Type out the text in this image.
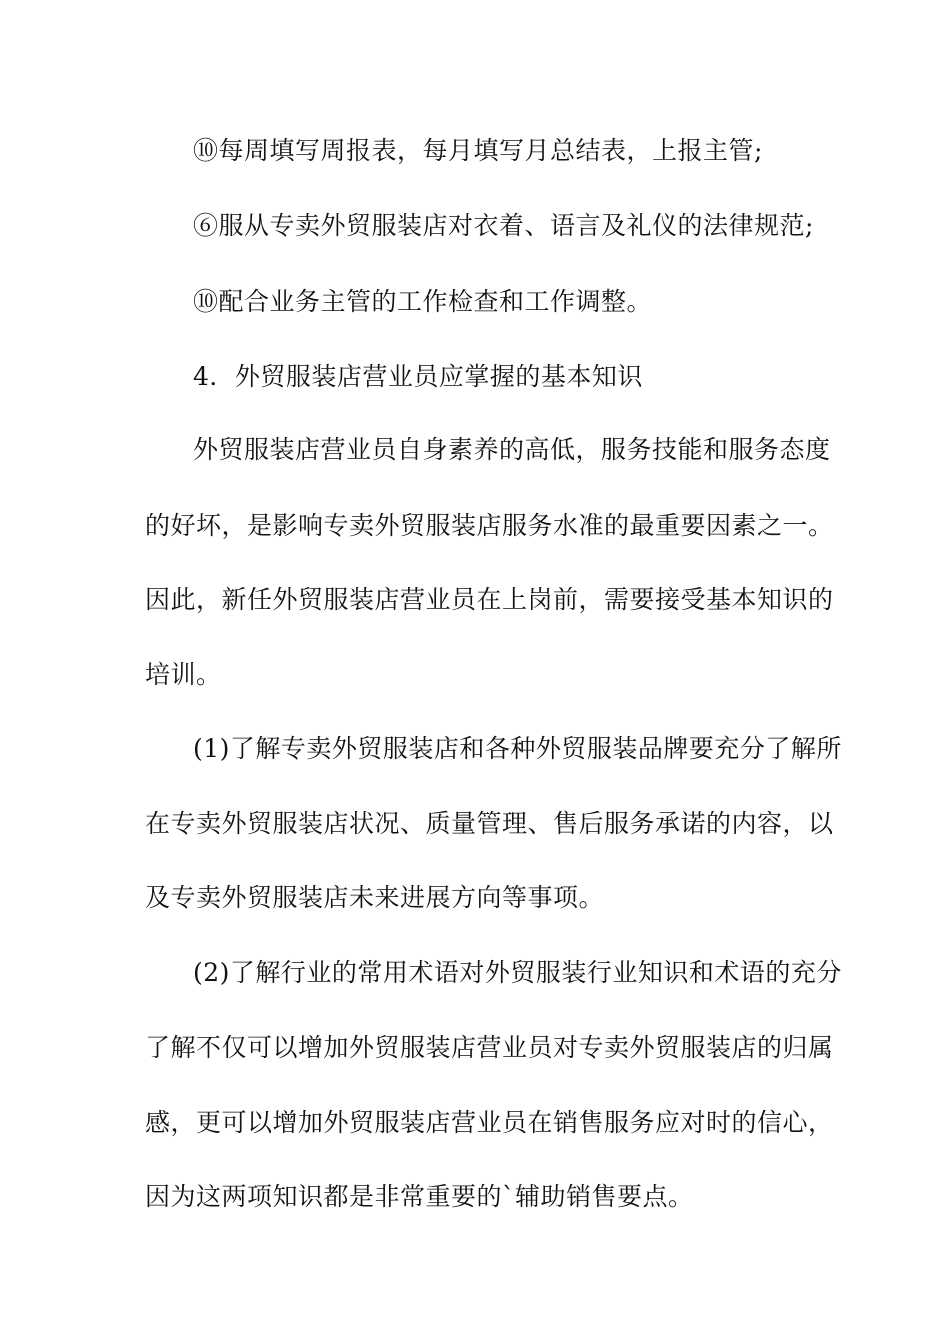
⑩每周填写周报表，每月填写月总结表，上报主管;
⑥服从专卖外贸服装店对衣着、语言及礼仪的法律规范;
⑩配合业务主管的工作检查和工作调整。
4．外贸服装店营业员应掌握的基本知识
外贸服装店营业员自身素养的高低，服务技能和服务态度
的好坏，是影响专卖外贸服装店服务水准的最重要因素之一。
因此，新任外贸服装店营业员在上岗前，需要接受基本知识的
培训。
(1)了解专卖外贸服装店和各种外贸服装品牌要充分了解所
在专卖外贸服装店状况、质量管理、售后服务承诺的内容，以
及专卖外贸服装店未来进展方向等事项。
(2)了解行业的常用术语对外贸服装行业知识和术语的充分
了解不仅可以增加外贸服装店营业员对专卖外贸服装店的归属
感，更可以增加外贸服装店营业员在销售服务应对时的信心，
因为这两项知识都是非常重要的`辅助销售要点。
